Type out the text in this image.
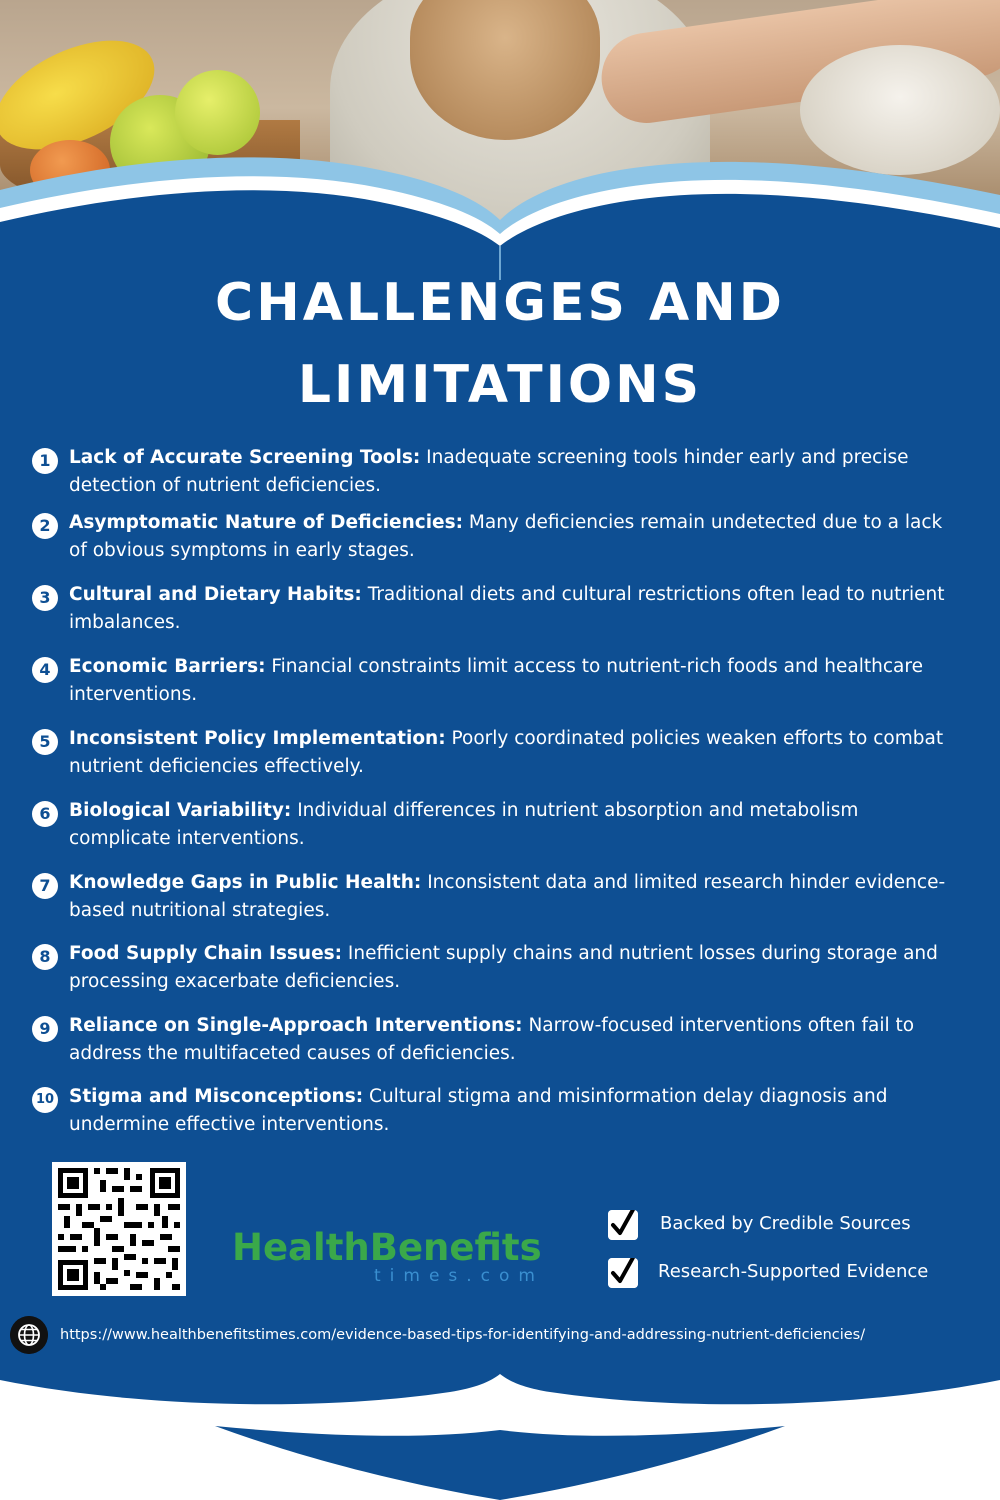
CHALLENGES AND
LIMITATIONS
1 Lack of Accurate Screening Tools: Inadequate screening tools hinder early and precise
detection of nutrient deficiencies.
2 Asymptomatic Nature of Deficiencies: Many deficiencies remain undetected due to a lack
of obvious symptoms in early stages.
3 Cultural and Dietary Habits: Traditional diets and cultural restrictions often lead to nutrient
imbalances.
4 Economic Barriers: Financial constraints limit access to nutrient-rich foods and healthcare
interventions.
5 Inconsistent Policy Implementation: Poorly coordinated policies weaken efforts to combat
nutrient deficiencies effectively.
6 Biological Variability: Individual differences in nutrient absorption and metabolism
complicate interventions.
7 Knowledge Gaps in Public Health: Inconsistent data and limited research hinder evidence-
based nutritional strategies.
8 Food Supply Chain Issues: Inefficient supply chains and nutrient losses during storage and
processing exacerbate deficiencies.
9 Reliance on Single-Approach Interventions: Narrow-focused interventions often fail to
address the multifaceted causes of deficiencies.
10 Stigma and Misconceptions: Cultural stigma and misinformation delay diagnosis and
undermine effective interventions.
HealthBenefits
times.com
Backed by Credible Sources
Research-Supported Evidence
https://www.healthbenefitstimes.com/evidence-based-tips-for-identifying-and-addressing-nutrient-deficiencies/
